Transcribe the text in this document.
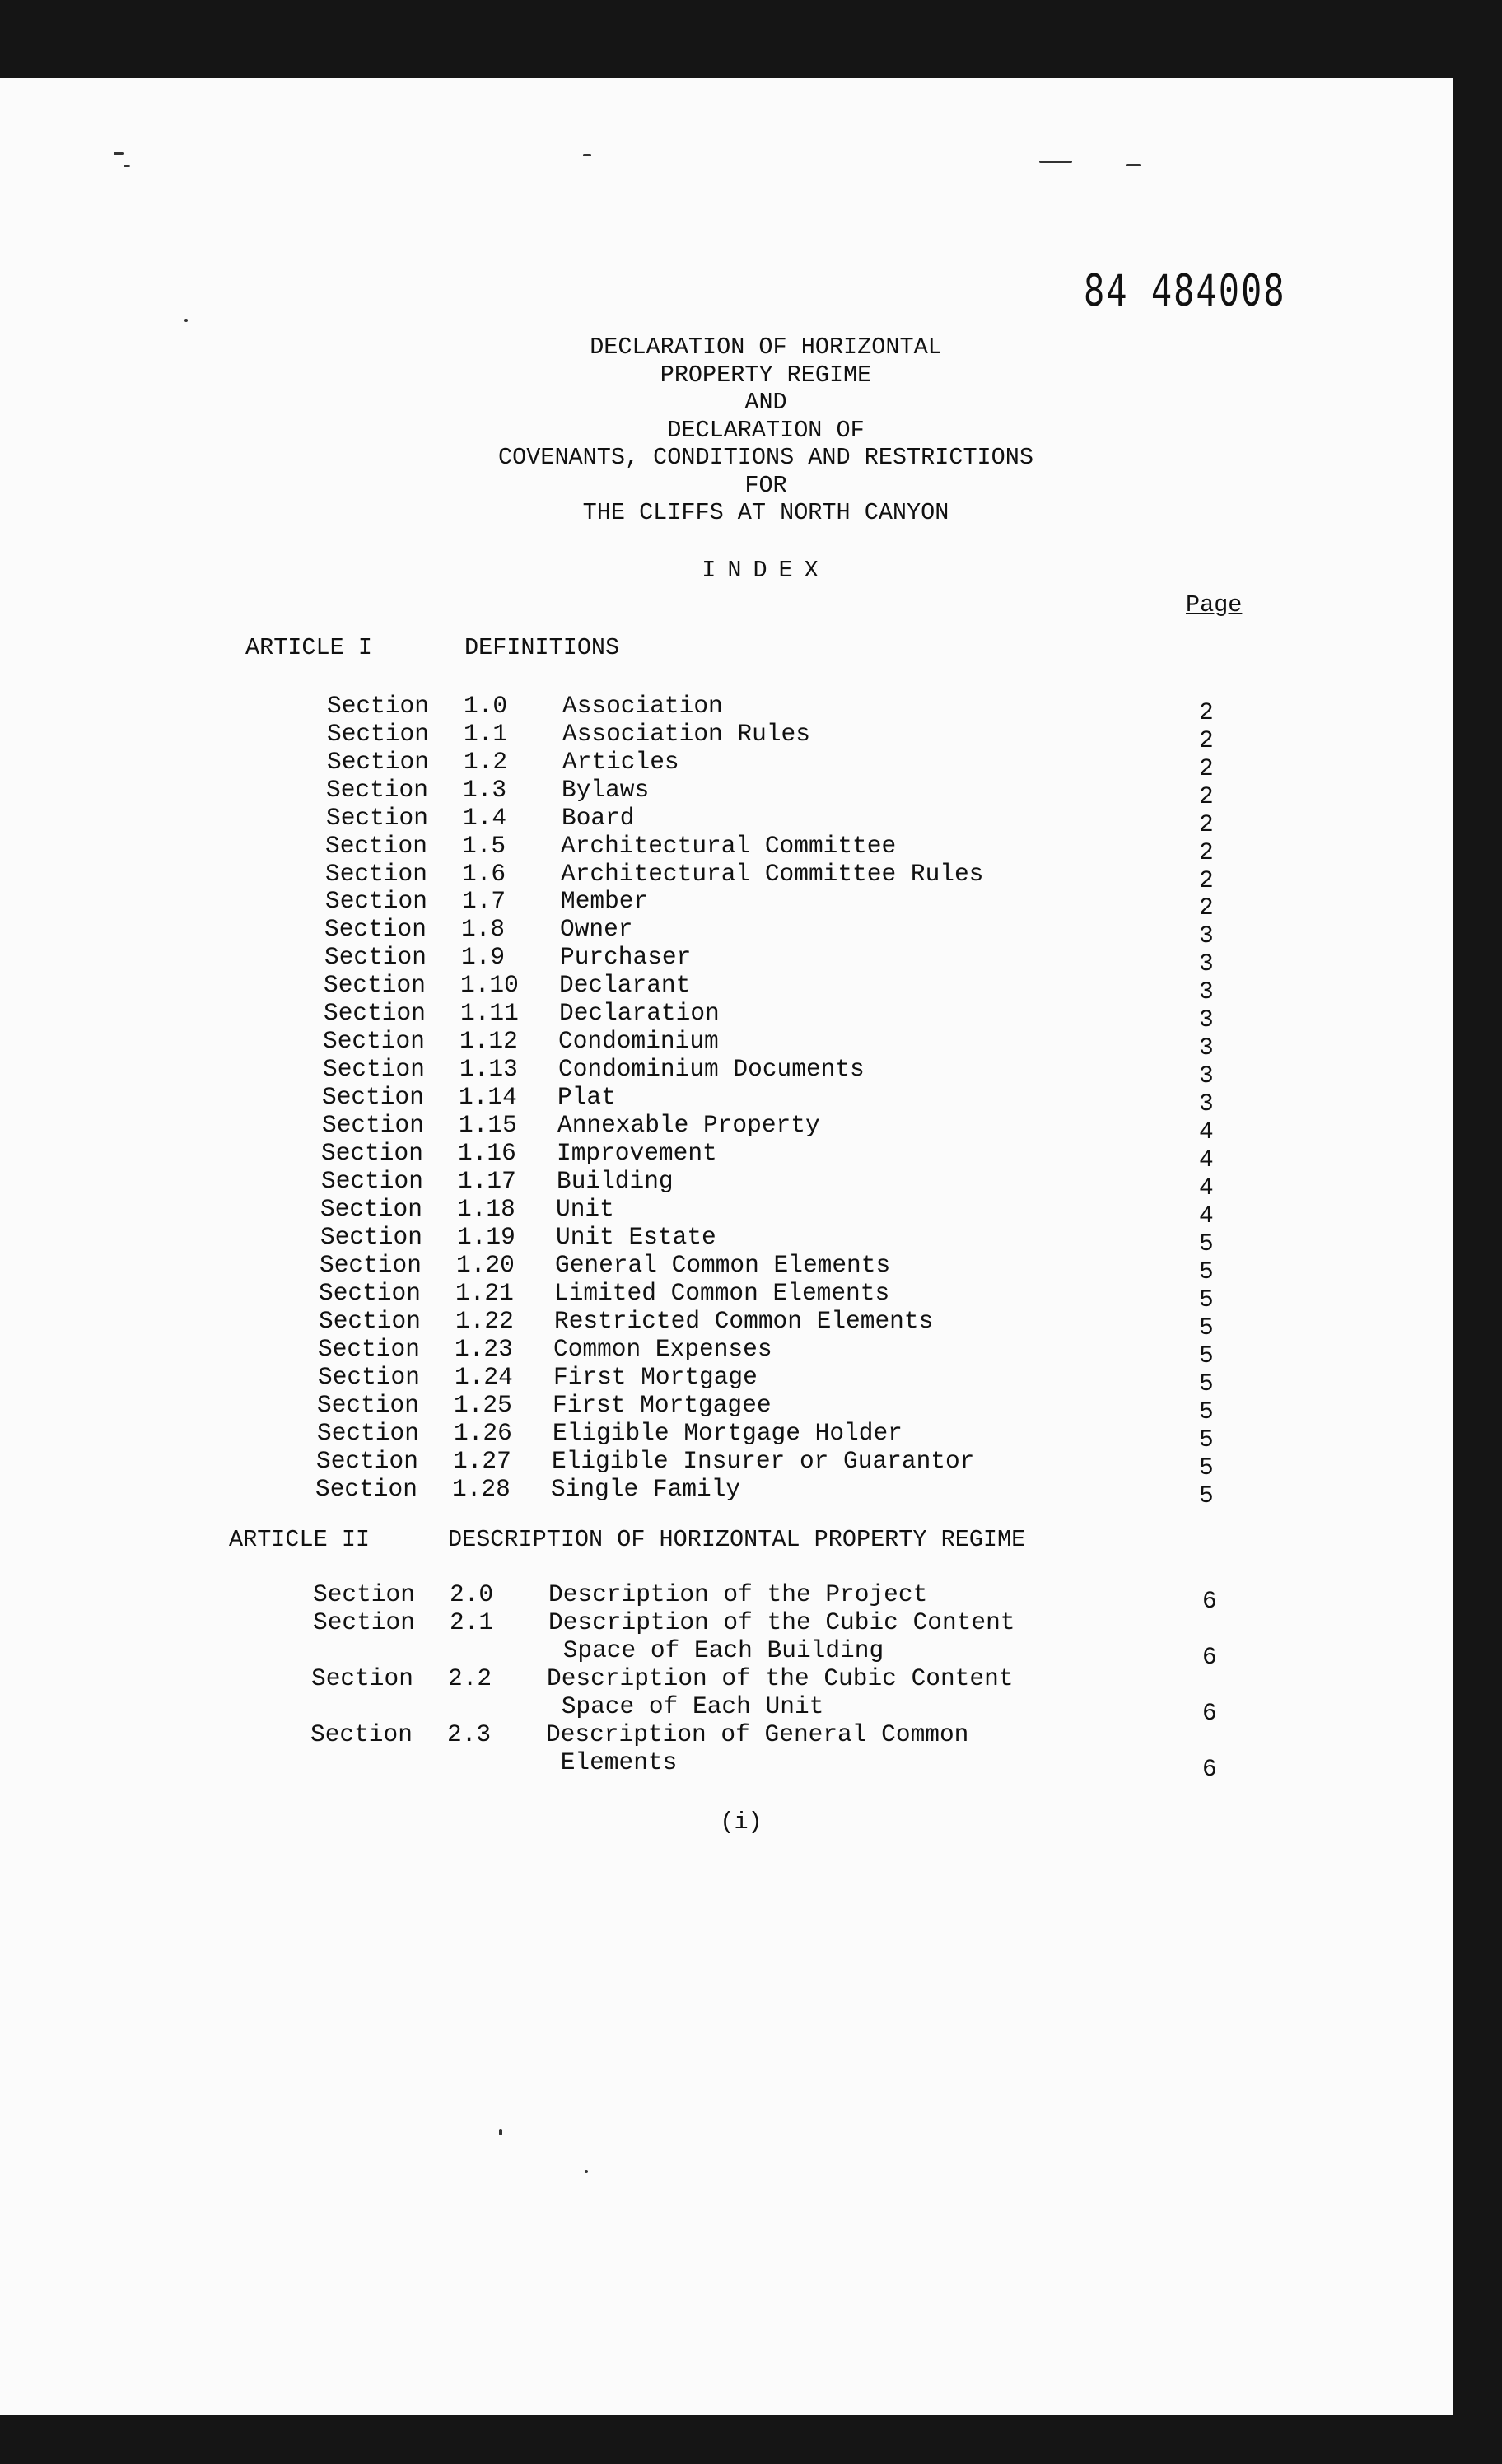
84 484008
DECLARATION OF HORIZONTAL
PROPERTY REGIME
AND
DECLARATION OF
COVENANTS, CONDITIONS AND RESTRICTIONS
FOR
THE CLIFFS AT NORTH CANYON
INDEX
Page
ARTICLE I	DEFINITIONS
Section 1.0 Association	2
Section 1.1 Association Rules	2
Section 1.2 Articles	2
Section 1.3 Bylaws	2
Section 1.4 Board	2
Section 1.5 Architectural Committee	2
Section 1.6 Architectural Committee Rules	2
Section 1.7 Member	2
Section 1.8 Owner	3
Section 1.9 Purchaser	3
Section 1.10 Declarant	3
Section 1.11 Declaration	3
Section 1.12 Condominium	3
Section 1.13 Condominium Documents	3
Section 1.14 Plat	3
Section 1.15 Annexable Property	4
Section 1.16 Improvement	4
Section 1.17 Building	4
Section 1.18 Unit	4
Section 1.19 Unit Estate	5
Section 1.20 General Common Elements	5
Section 1.21 Limited Common Elements	5
Section 1.22 Restricted Common Elements	5
Section 1.23 Common Expenses	5
Section 1.24 First Mortgage	5
Section 1.25 First Mortgagee	5
Section 1.26 Eligible Mortgage Holder	5
Section 1.27 Eligible Insurer or Guarantor	5
Section 1.28 Single Family	5
ARTICLE II	DESCRIPTION OF HORIZONTAL PROPERTY REGIME
Section 2.0 Description of the Project	6
Section 2.1 Description of the Cubic Content
Space of Each Building	6
Section 2.2 Description of the Cubic Content
Space of Each Unit	6
Section 2.3 Description of General Common
Elements	6
(i)
